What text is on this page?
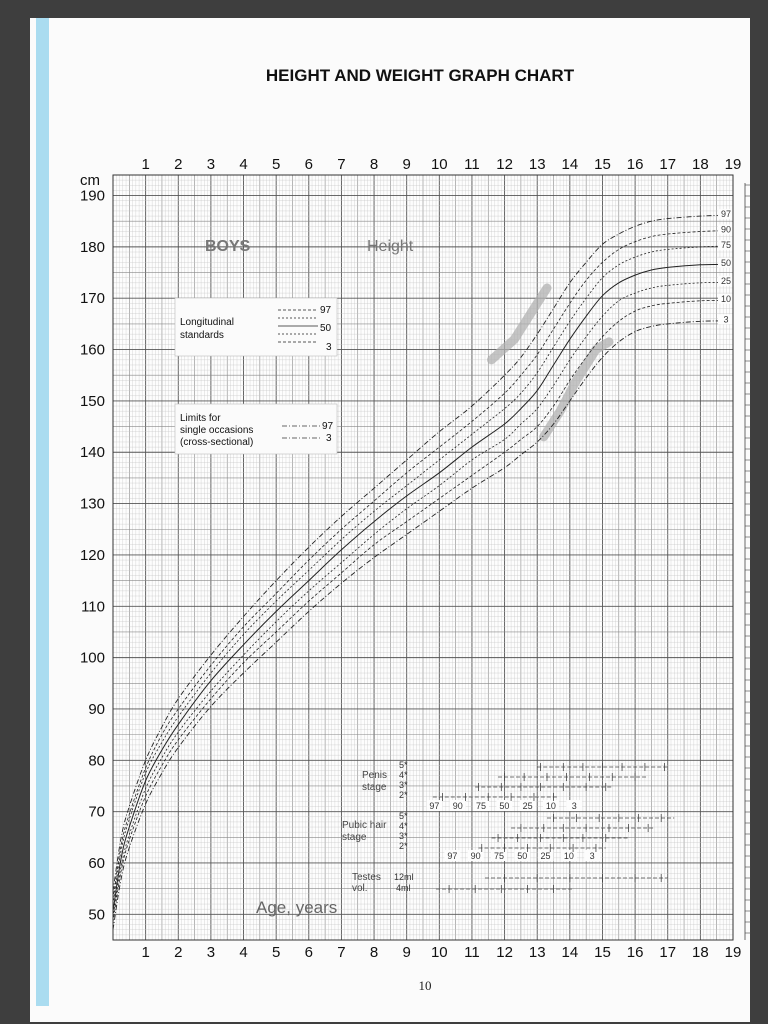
HEIGHT AND WEIGHT GRAPH CHART
97
90
75
50
25
10
3
1
1
2
2
3
3
4
4
5
5
6
6
7
7
8
8
9
9
10
10
11
11
12
12
13
13
14
14
15
15
16
16
17
17
18
18
19
19
50
60
70
80
90
100
110
120
130
140
150
160
170
180
190
cm
BOYS	Height
Longitudinal
standards
97
50
3
Limits for
single occasions
(cross-sectional)
97
3
Penis
stage
5*
4*
3*
2*
97 90 75 50 25 10 3
Pubic hair
stage
5*
4*
3*
2*
97 90 75 50 25 10 3
Testes
vol.
12ml
4ml
Age, years
10
